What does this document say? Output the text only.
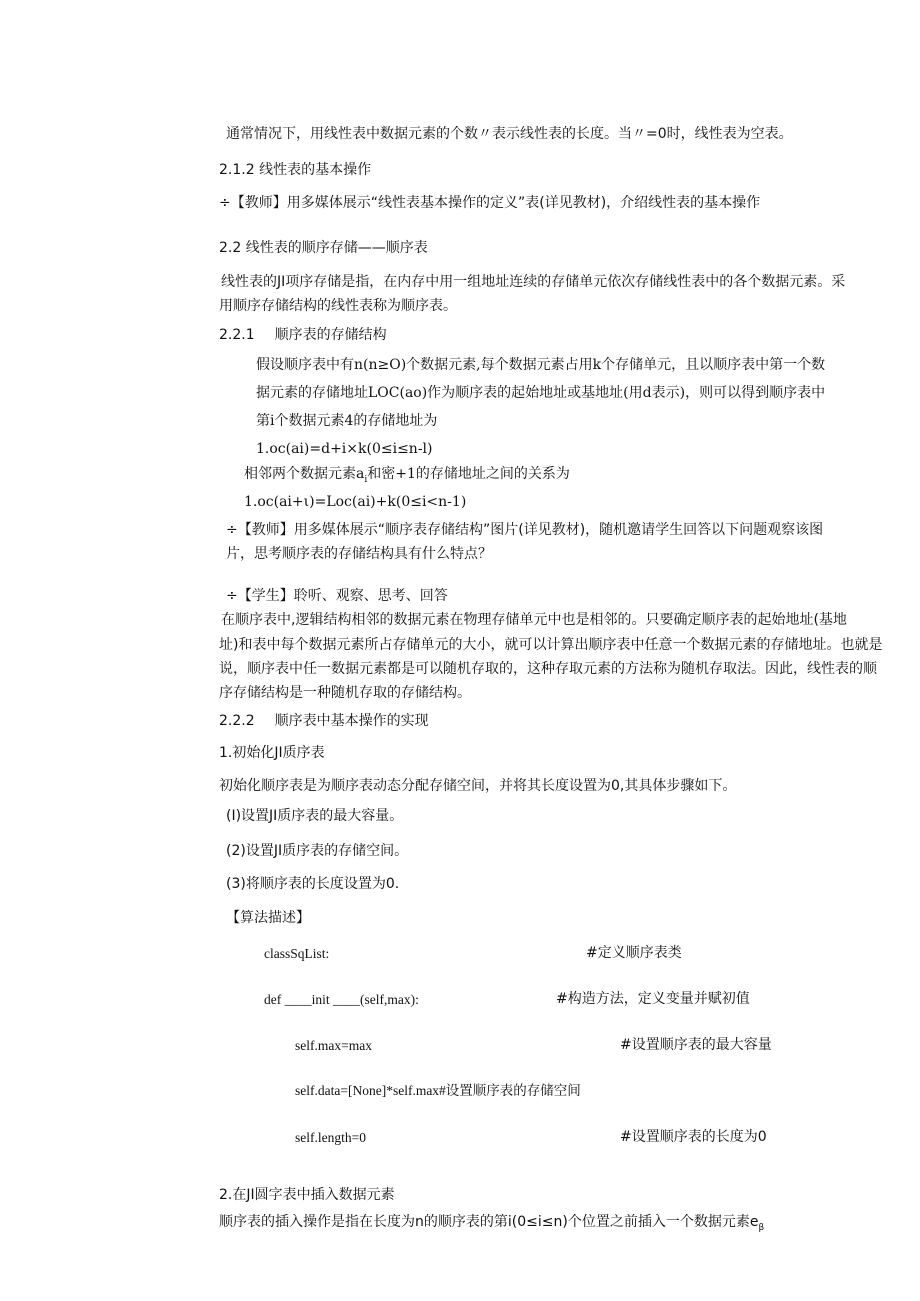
通常情况下，用线性表中数据元素的个数〃表示线性表的长度。当〃=0时，线性表为空表。
2.1.2 线性表的基本操作
÷【教师】用多媒体展示“线性表基本操作的定义”表(详见教材)，介绍线性表的基本操作
2.2 线性表的顺序存储——顺序表
线性表的JI项序存储是指，在内存中用一组地址连续的存储单元依次存储线性表中的各个数据元素。采
用顺序存储结构的线性表称为顺序表。
2.2.1 顺序表的存储结构
假设顺序表中有n(n≥O)个数据元素,每个数据元素占用k个存储单元，且以顺序表中第一个数
据元素的存储地址LOC(ao)作为顺序表的起始地址或基地址(用d表示)，则可以得到顺序表中
第i个数据元素4的存储地址为
1.oc(ai)=d+i×k(0≤i≤n-l)
相邻两个数据元素$a_i$和密+1的存储地址之间的关系为
1.oc(ai+ι)=Loc(ai)+k(0≤i<n-1)
÷【教师】用多媒体展示“顺序表存储结构”图片(详见教材)，随机邀请学生回答以下问题观察该图
片，思考顺序表的存储结构具有什么特点？
÷【学生】聆听、观察、思考、回答
在顺序表中,逻辑结构相邻的数据元素在物理存储单元中也是相邻的。只要确定顺序表的起始地址(基地
址)和表中每个数据元素所占存储单元的大小，就可以计算出顺序表中任意一个数据元素的存储地址。也就是
说，顺序表中任一数据元素都是可以随机存取的，这种存取元素的方法称为随机存取法。因此，线性表的顺
序存储结构是一种随机存取的存储结构。
2.2.2 顺序表中基本操作的实现
1.初始化JI质序表
初始化顺序表是为顺序表动态分配存储空间，并将其长度设置为0,其具体步骤如下。
(I)设置JI质序表的最大容量。
(2)设置JI质序表的存储空间。
(3)将顺序表的长度设置为0.
【算法描述】
classSqList:	#定义顺序表类
def ____init ____(self,max):	#构造方法，定义变量并赋初值
self.max=max	#设置顺序表的最大容量
self.data=[None]*self.max#设置顺序表的存储空间
self.length=0	#设置顺序表的长度为0
2.在JI圆字表中插入数据元素
顺序表的插入操作是指在长度为n的顺序表的第i(0≤i≤n)个位置之前插入一个数据元素$e_\beta$
